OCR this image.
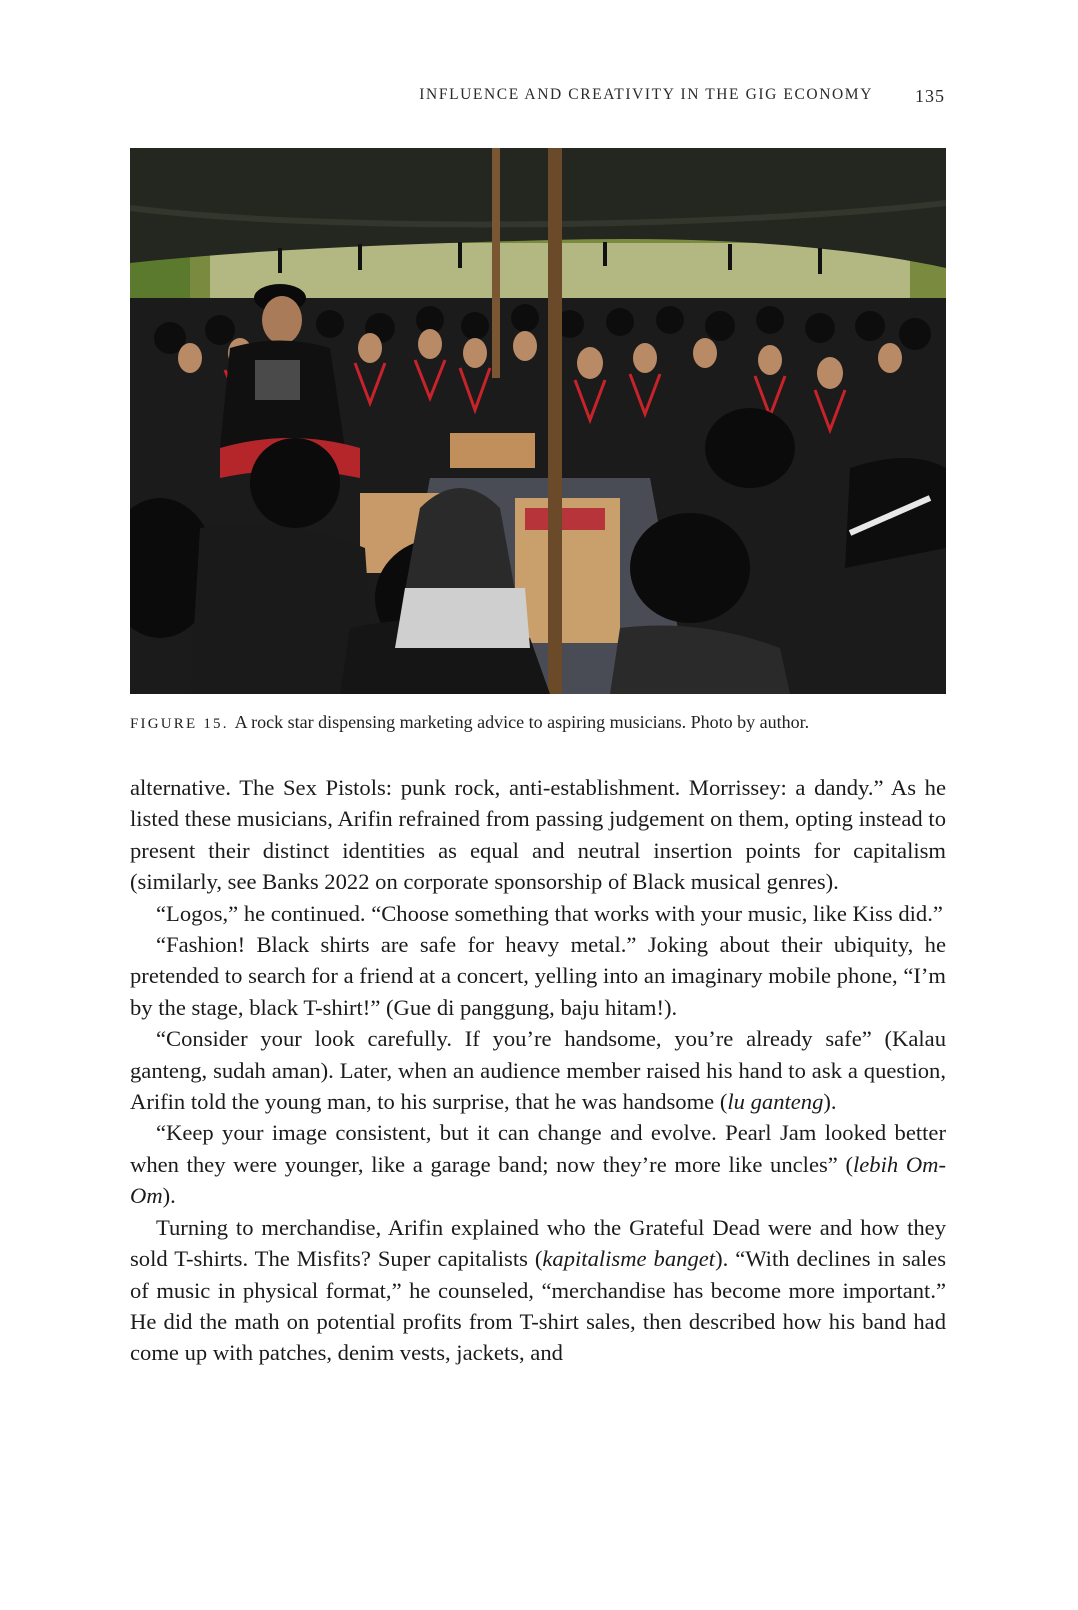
INFLUENCE AND CREATIVITY IN THE GIG ECONOMY 135
FIGURE 15. A rock star dispensing marketing advice to aspiring musicians. Photo by author.

alternative. The Sex Pistols: punk rock, anti-establishment. Morrissey: a dandy.” As he listed these musicians, Arifin refrained from passing judgement on them, opting instead to present their distinct identities as equal and neutral insertion points for capitalism (similarly, see Banks 2022 on corporate sponsorship of Black musical genres).

“Logos,” he continued. “Choose something that works with your music, like Kiss did.”

“Fashion! Black shirts are safe for heavy metal.” Joking about their ubiquity, he pretended to search for a friend at a concert, yelling into an imaginary mobile phone, “I’m by the stage, black T-shirt!” (Gue di panggung, baju hitam!).

“Consider your look carefully. If you’re handsome, you’re already safe” (Kalau ganteng, sudah aman). Later, when an audience member raised his hand to ask a question, Arifin told the young man, to his surprise, that he was handsome (lu ganteng).

“Keep your image consistent, but it can change and evolve. Pearl Jam looked better when they were younger, like a garage band; now they’re more like uncles” (lebih Om-Om).

Turning to merchandise, Arifin explained who the Grateful Dead were and how they sold T-shirts. The Misfits? Super capitalists (kapitalisme banget). “With declines in sales of music in physical format,” he counseled, “merchandise has become more important.” He did the math on potential profits from T-shirt sales, then described how his band had come up with patches, denim vests, jackets, and
